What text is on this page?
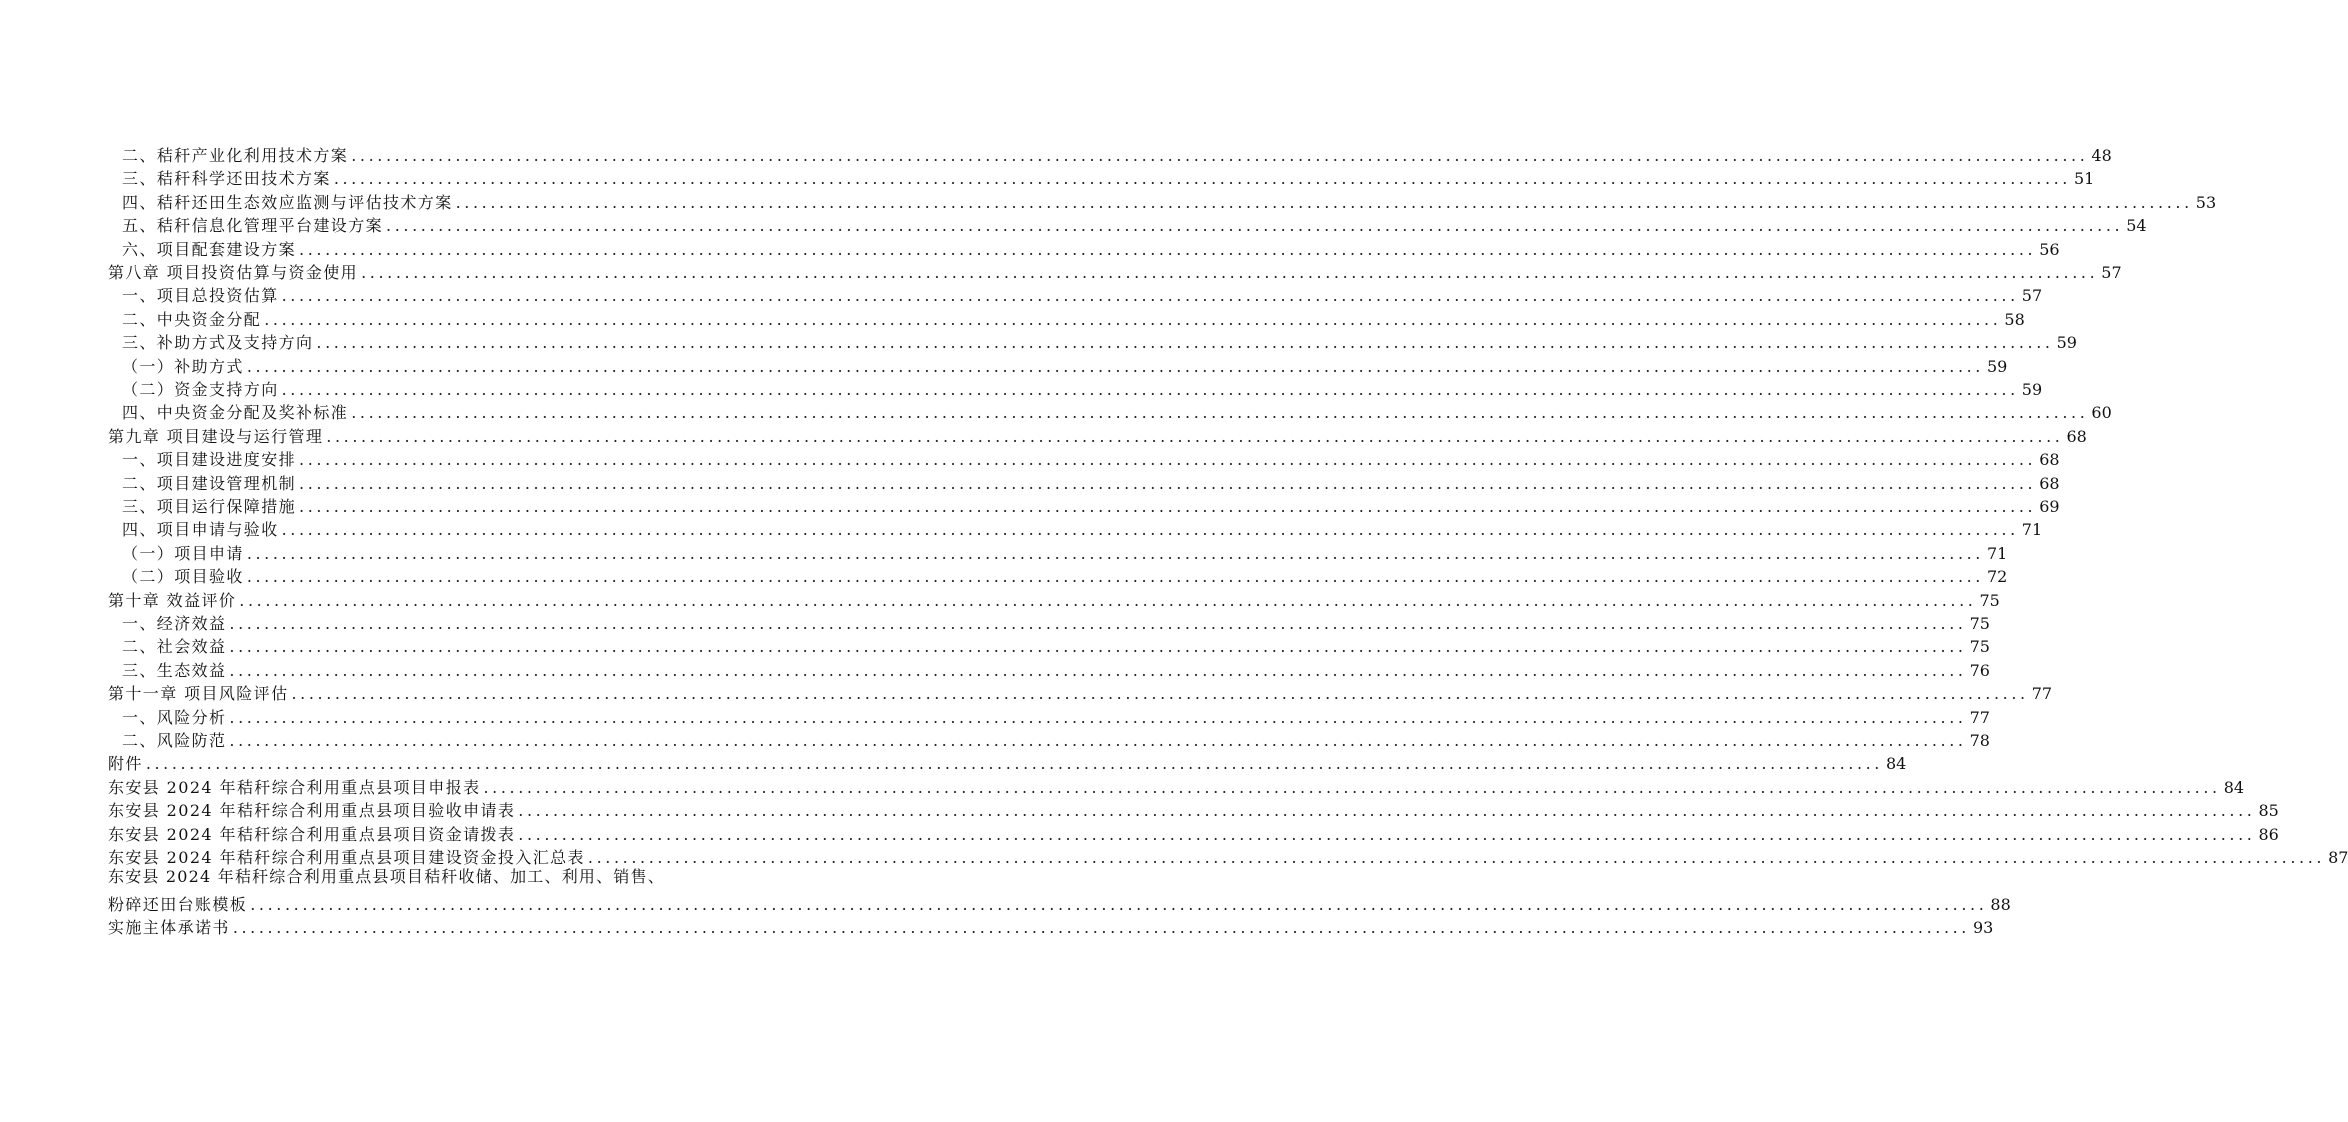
二、秸秆产业化利用技术方案 ........................................................................................................................................................................................................ 48
三、秸秆科学还田技术方案 ........................................................................................................................................................................................................ 51
四、秸秆还田生态效应监测与评估技术方案 ........................................................................................................................................................................................................ 53
五、秸秆信息化管理平台建设方案 ........................................................................................................................................................................................................ 54
六、项目配套建设方案 ........................................................................................................................................................................................................ 56
第八章 项目投资估算与资金使用 ........................................................................................................................................................................................................ 57
一、项目总投资估算 ........................................................................................................................................................................................................ 57
二、中央资金分配 ........................................................................................................................................................................................................ 58
三、补助方式及支持方向 ........................................................................................................................................................................................................ 59
（一）补助方式 ........................................................................................................................................................................................................ 59
（二）资金支持方向 ........................................................................................................................................................................................................ 59
四、中央资金分配及奖补标准 ........................................................................................................................................................................................................ 60
第九章 项目建设与运行管理 ........................................................................................................................................................................................................ 68
一、项目建设进度安排 ........................................................................................................................................................................................................ 68
二、项目建设管理机制 ........................................................................................................................................................................................................ 68
三、项目运行保障措施 ........................................................................................................................................................................................................ 69
四、项目申请与验收 ........................................................................................................................................................................................................ 71
（一）项目申请 ........................................................................................................................................................................................................ 71
（二）项目验收 ........................................................................................................................................................................................................ 72
第十章 效益评价 ........................................................................................................................................................................................................ 75
一、经济效益 ........................................................................................................................................................................................................ 75
二、社会效益 ........................................................................................................................................................................................................ 75
三、生态效益 ........................................................................................................................................................................................................ 76
第十一章 项目风险评估 ........................................................................................................................................................................................................ 77
一、风险分析 ........................................................................................................................................................................................................ 77
二、风险防范 ........................................................................................................................................................................................................ 78
附件 ........................................................................................................................................................................................................ 84
东安县 2024 年秸秆综合利用重点县项目申报表 ........................................................................................................................................................................................................ 84
东安县 2024 年秸秆综合利用重点县项目验收申请表 ........................................................................................................................................................................................................ 85
东安县 2024 年秸秆综合利用重点县项目资金请拨表 ........................................................................................................................................................................................................ 86
东安县 2024 年秸秆综合利用重点县项目建设资金投入汇总表 ........................................................................................................................................................................................................ 87
东安县 2024 年秸秆综合利用重点县项目秸秆收储、加工、利用、销售、
粉碎还田台账模板 ........................................................................................................................................................................................................ 88
实施主体承诺书 ........................................................................................................................................................................................................ 93
